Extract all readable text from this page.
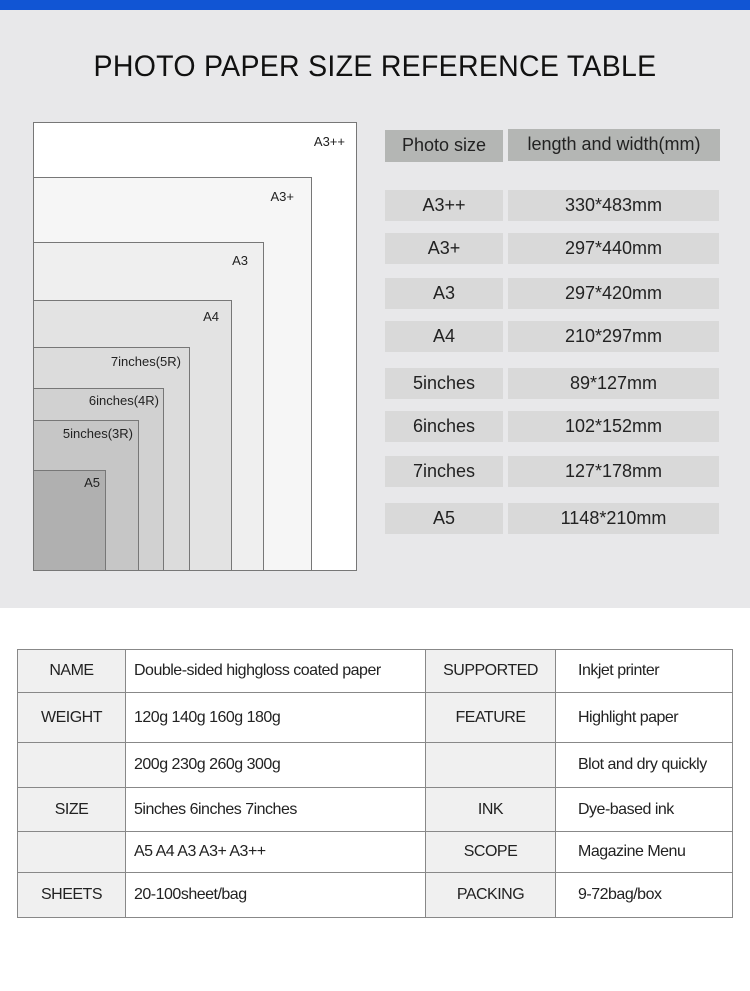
PHOTO PAPER SIZE REFERENCE TABLE
A3++
A3+
A3
A4
7inches(5R)
6inches(4R)
5inches(3R)
A5
Photo size	length and width(mm)
A3++	330*483mm
A3+	297*440mm
A3	297*420mm
A4	210*297mm
5inches	89*127mm
6inches	102*152mm
7inches	127*178mm
A5	1148*210mm
NAME	Double-sided highgloss coated paper	SUPPORTED	Inkjet printer
WEIGHT	120g 140g 160g 180g	FEATURE	Highlight paper
	200g 230g 260g 300g		Blot and dry quickly
SIZE	5inches 6inches 7inches	INK	Dye-based ink
	A5 A4 A3 A3+ A3++	SCOPE	Magazine Menu
SHEETS	20-100sheet/bag	PACKING	9-72bag/box
